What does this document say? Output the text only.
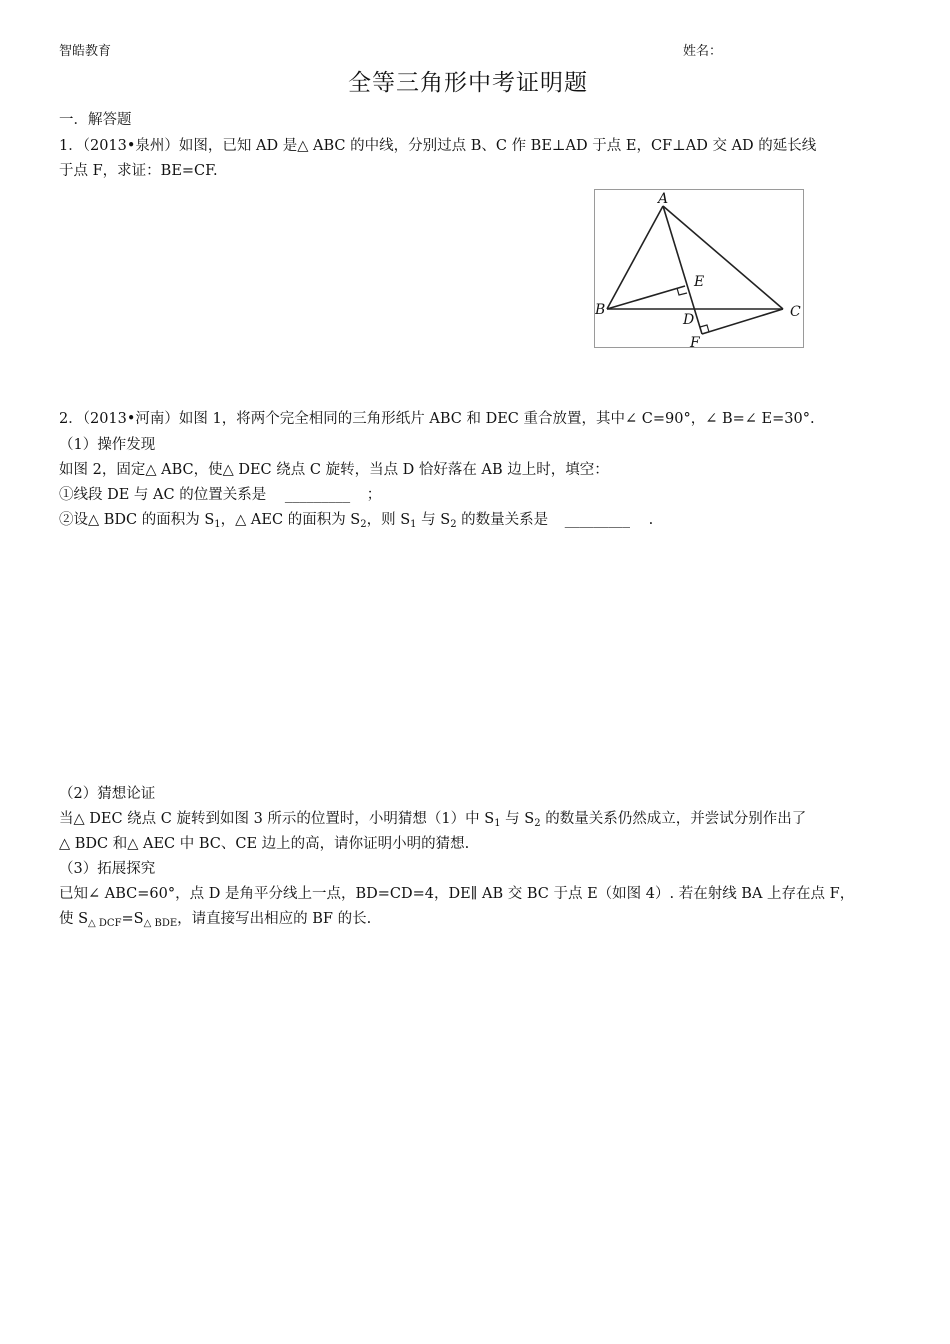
智皓教育	姓名：
全等三角形中考证明题
一．解答题
1．（2013•泉州）如图，已知 AD 是△ ABC 的中线，分别过点 B、C 作 BE⊥AD 于点 E，CF⊥AD 交 AD 的延长线
于点 F，求证：BE=CF.
A
B	C
D
E
F
2．（2013•河南）如图 1，将两个完全相同的三角形纸片 ABC 和 DEC 重合放置，其中∠ C=90°，∠ B=∠ E=30°.
（1）操作发现
如图 2，固定△ ABC，使△ DEC 绕点 C 旋转，当点 D 恰好落在 AB 边上时，填空：
①线段 DE 与 AC 的位置关系是 _________ ；
②设△ BDC 的面积为 $S_1$，△ AEC 的面积为 $S_2$，则 $S_1$ 与 $S_2$ 的数量关系是 _________ .
（2）猜想论证
当△ DEC 绕点 C 旋转到如图 3 所示的位置时，小明猜想（1）中 $S_1$ 与 $S_2$ 的数量关系仍然成立，并尝试分别作出了
△ BDC 和△ AEC 中 BC、CE 边上的高，请你证明小明的猜想.
（3）拓展探究
已知∠ ABC=60°，点 D 是角平分线上一点，BD=CD=4，DE∥ AB 交 BC 于点 E（如图 4）. 若在射线 BA 上存在点 F，
使 $S_{\triangle DCF}=S_{\triangle BDE}$，请直接写出相应的 BF 的长.
